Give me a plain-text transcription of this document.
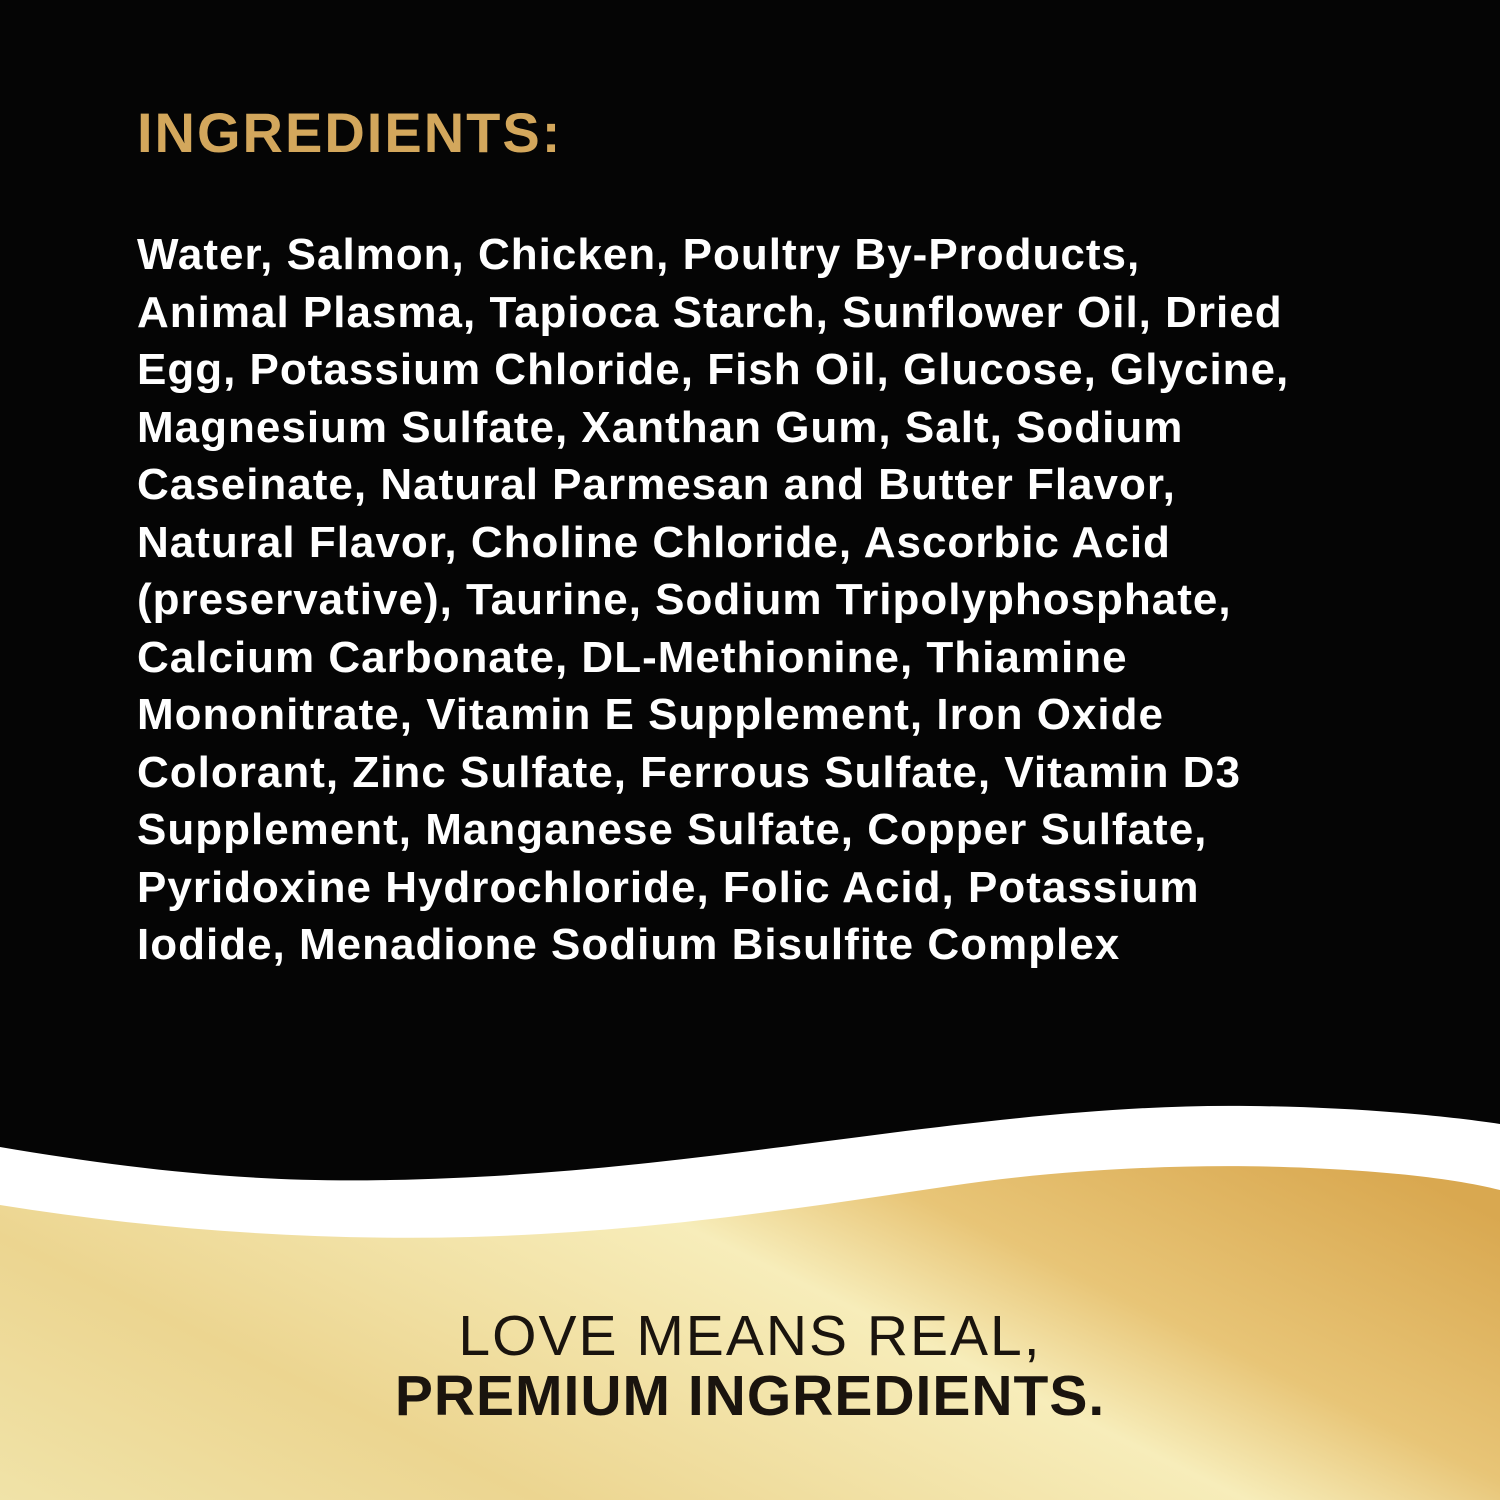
INGREDIENTS:
Water, Salmon, Chicken, Poultry By-Products,
Animal Plasma, Tapioca Starch, Sunflower Oil, Dried
Egg, Potassium Chloride, Fish Oil, Glucose, Glycine,
Magnesium Sulfate, Xanthan Gum, Salt, Sodium
Caseinate, Natural Parmesan and Butter Flavor,
Natural Flavor, Choline Chloride, Ascorbic Acid
(preservative), Taurine, Sodium Tripolyphosphate,
Calcium Carbonate, DL-Methionine, Thiamine
Mononitrate, Vitamin E Supplement, Iron Oxide
Colorant, Zinc Sulfate, Ferrous Sulfate, Vitamin D3
Supplement, Manganese Sulfate, Copper Sulfate,
Pyridoxine Hydrochloride, Folic Acid, Potassium
Iodide, Menadione Sodium Bisulfite Complex
LOVE MEANS REAL,
PREMIUM INGREDIENTS.
